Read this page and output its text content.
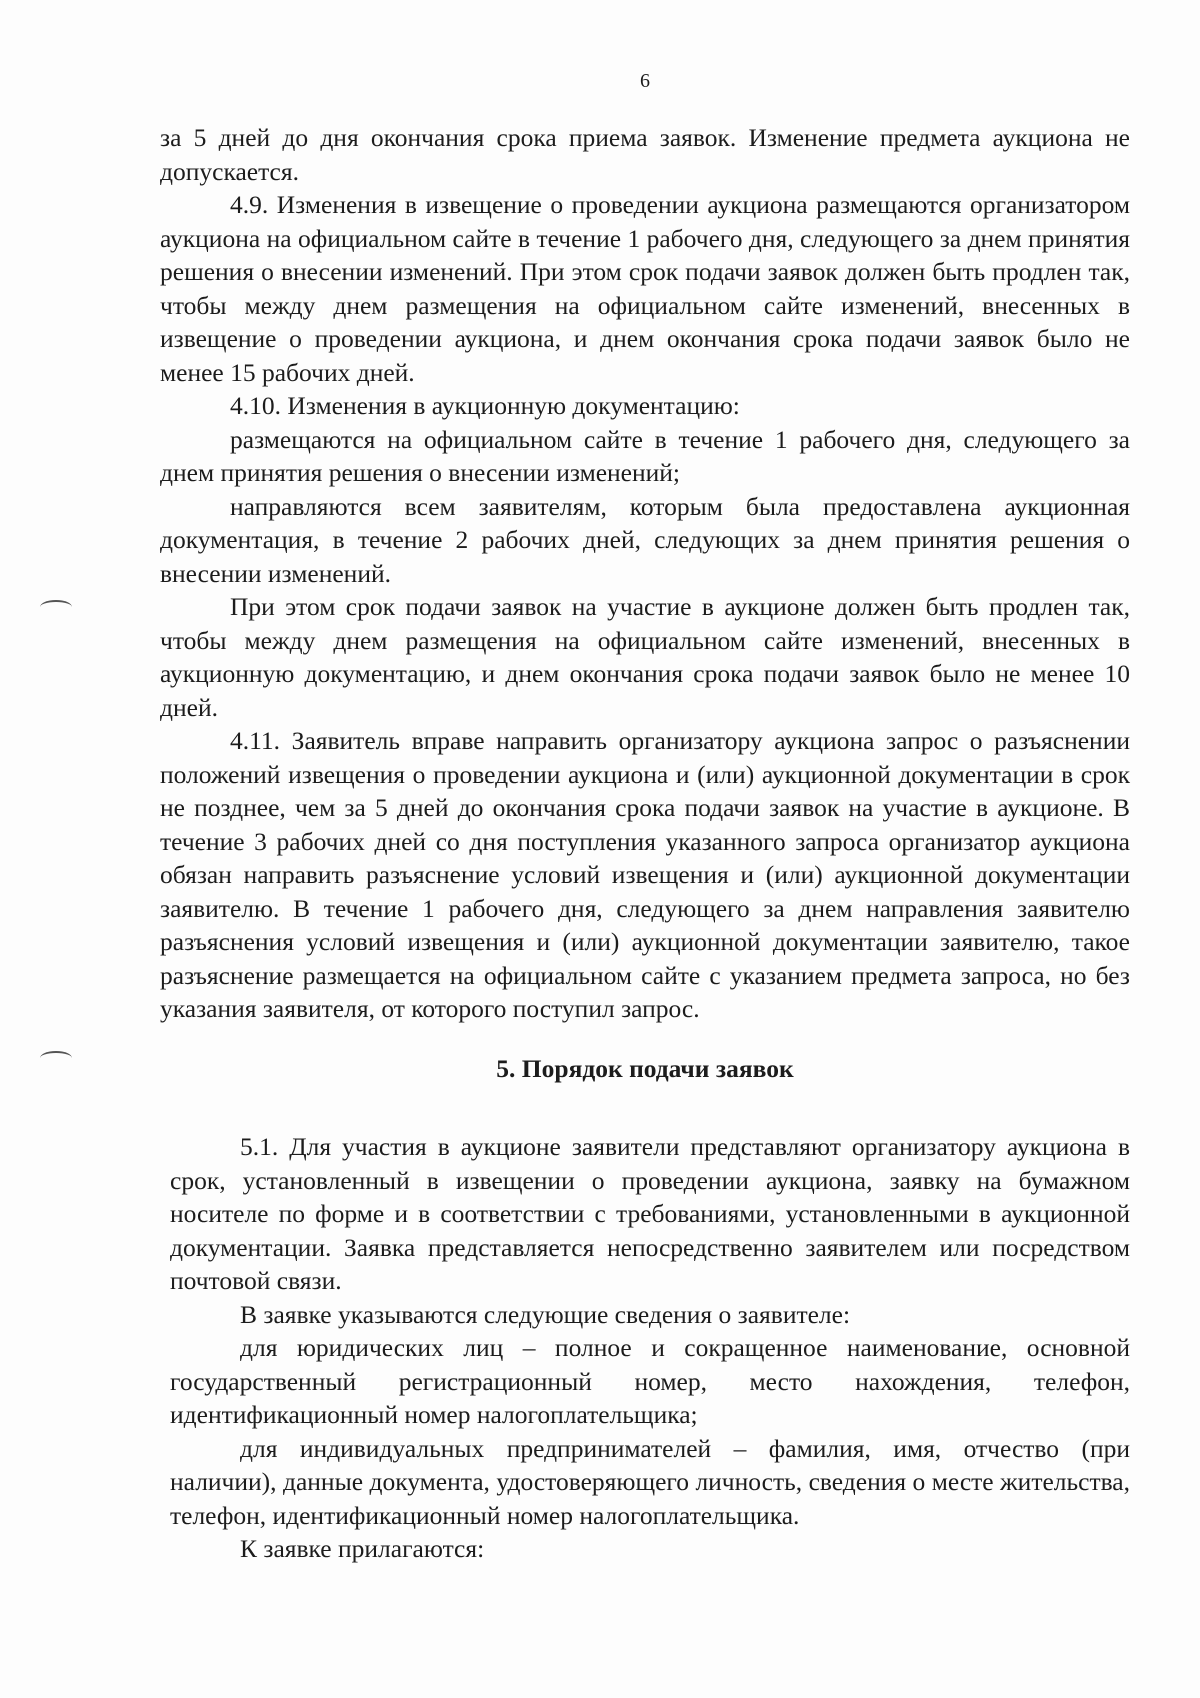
6

за 5 дней до дня окончания срока приема заявок. Изменение предмета аукциона не допускается.

4.9. Изменения в извещение о проведении аукциона размещаются организатором аукциона на официальном сайте в течение 1 рабочего дня, следующего за днем принятия решения о внесении изменений. При этом срок подачи заявок должен быть продлен так, чтобы между днем размещения на официальном сайте изменений, внесенных в извещение о проведении аукциона, и днем окончания срока подачи заявок было не менее 15 рабочих дней.

4.10. Изменения в аукционную документацию:

размещаются на официальном сайте в течение 1 рабочего дня, следующего за днем принятия решения о внесении изменений;

направляются всем заявителям, которым была предоставлена аукционная документация, в течение 2 рабочих дней, следующих за днем принятия решения о внесении изменений.

При этом срок подачи заявок на участие в аукционе должен быть продлен так, чтобы между днем размещения на официальном сайте изменений, внесенных в аукционную документацию, и днем окончания срока подачи заявок было не менее 10 дней.

4.11. Заявитель вправе направить организатору аукциона запрос о разъяснении положений извещения о проведении аукциона и (или) аукционной документации в срок не позднее, чем за 5 дней до окончания срока подачи заявок на участие в аукционе. В течение 3 рабочих дней со дня поступления указанного запроса организатор аукциона обязан направить разъяснение условий извещения и (или) аукционной документации заявителю. В течение 1 рабочего дня, следующего за днем направления заявителю разъяснения условий извещения и (или) аукционной документации заявителю, такое разъяснение размещается на официальном сайте с указанием предмета запроса, но без указания заявителя, от которого поступил запрос.

5. Порядок подачи заявок

5.1. Для участия в аукционе заявители представляют организатору аукциона в срок, установленный в извещении о проведении аукциона, заявку на бумажном носителе по форме и в соответствии с требованиями, установленными в аукционной документации. Заявка представляется непосредственно заявителем или посредством почтовой связи.

В заявке указываются следующие сведения о заявителе:

для юридических лиц – полное и сокращенное наименование, основной государственный регистрационный номер, место нахождения, телефон, идентификационный номер налогоплательщика;

для индивидуальных предпринимателей – фамилия, имя, отчество (при наличии), данные документа, удостоверяющего личность, сведения о месте жительства, телефон, идентификационный номер налогоплательщика.

К заявке прилагаются:
